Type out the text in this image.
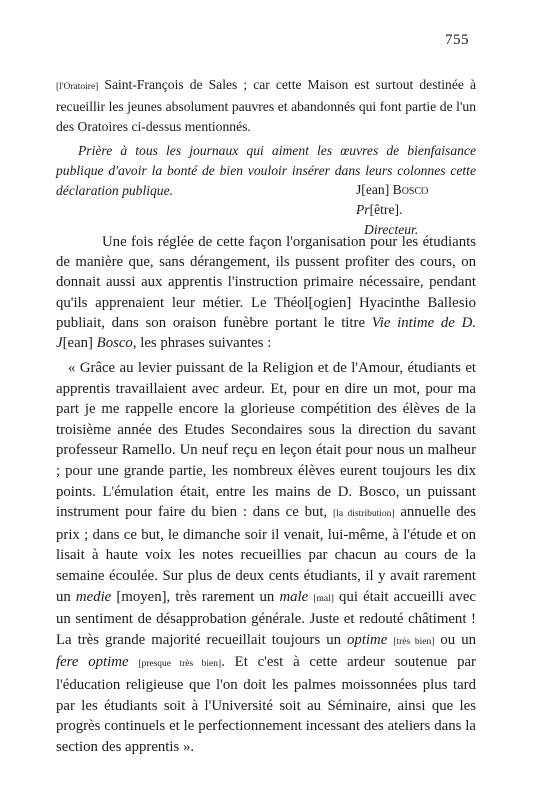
755
[l'Oratoire] Saint-François de Sales ; car cette Maison est surtout destinée à recueillir les jeunes absolument pauvres et abandonnés qui font partie de l'un des Oratoires ci-dessus mentionnés.
Prière à tous les journaux qui aiment les œuvres de bienfaisance publique d'avoir la bonté de bien vouloir insérer dans leurs colonnes cette déclaration publique.	J[ean] Bosco Pr[être].
Directeur.

Une fois réglée de cette façon l'organisation pour les étudiants de manière que, sans dérangement, ils pussent profiter des cours, on donnait aussi aux apprentis l'instruction primaire nécessaire, pendant qu'ils apprenaient leur métier. Le Théol[ogien] Hyacinthe Ballesio publiait, dans son oraison funèbre portant le titre Vie intime de D. J[ean] Bosco, les phrases suivantes :

« Grâce au levier puissant de la Religion et de l'Amour, étudiants et apprentis travaillaient avec ardeur. Et, pour en dire un mot, pour ma part je me rappelle encore la glorieuse compétition des élèves de la troisième année des Etudes Secondaires sous la direction du savant professeur Ramello. Un neuf reçu en leçon était pour nous un malheur ; pour une grande partie, les nombreux élèves eurent toujours les dix points. L'émulation était, entre les mains de D. Bosco, un puissant instrument pour faire du bien : dans ce but, [la distribution] annuelle des prix ; dans ce but, le dimanche soir il venait, lui-même, à l'étude et on lisait à haute voix les notes recueillies par chacun au cours de la semaine écoulée. Sur plus de deux cents étudiants, il y avait rarement un medie [moyen], très rarement un male [mal] qui était accueilli avec un sentiment de désapprobation générale. Juste et redouté châtiment ! La très grande majorité recueillait toujours un optime [très bien] ou un fere optime [presque très bien]. Et c'est à cette ardeur soutenue par l'éducation religieuse que l'on doit les palmes moissonnées plus tard par les étudiants soit à l'Université soit au Séminaire, ainsi que les progrès continuels et le perfectionnement incessant des ateliers dans la section des apprentis ».
